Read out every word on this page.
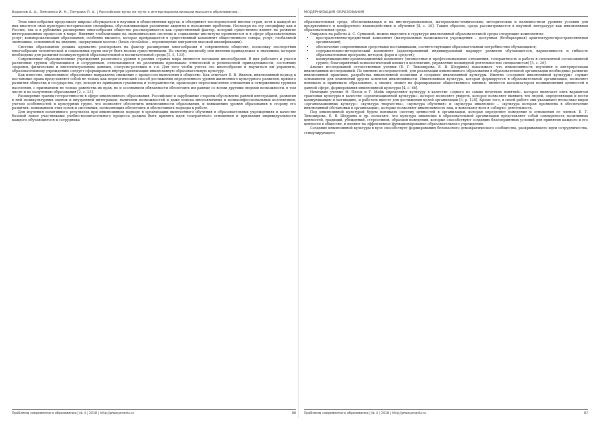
Воронов А. А., Левченко И. Н., Петрова П. А. | Российские вузы на пути к интернационализации высшего образования...

Тема многообразия продолжает широко обсуждаться в научных и общественных кругах, и объединяет последователей многих стран, хотя к каждой из них вносятся свои культурно-исторические специфика, обусловливающая различные акценты и положение проблемы. Несмотря на эту специфику как в России, так и в рубежных расширение многообразия общество рассматривается как существенный фактор, который существенно влияет на развитие интеграционных процессов в мире. Влияние глобализации на экономические системы и социальные институты проявляется и в сфере образовательных услуг; коммерсиализация образования, особенно высшего, которое превращается в существенный компонент общественного товара, услуг; глобальной экономики, основанной на знаниях, «циркуляции мозгов» (brain circulation – перемещение мигрантов высокой квалификации).

Система образования должна адекватно реагировать на фактор расширения многообразия в современном обществе, поскольку последствия многообразия человеческой и социальных групп могут быть весьма существенными. По своему масштабу они явления принадлежат к значимым, которые необходимо для развития поликультурной образовательной и воспитательной среды [1, 5, 133].

Современные образовательные учреждения различного уровня в разных странах мира являются потоками многообразия. В них работают и учатся различные группы обучающихся и сотрудников, отличающиеся по различным признакам: этнической и религиозной принадлежности, состоянию здоровья, физическим и интеллектуальным данным, статусно-ролевым и т.п. Для того чтобы учесть это многообразие и научиться им управлять, образовательному учреждению следует сформировать внутри организации инклюзивную образовательную культуру.

Как известно, инклюзивное образование направлено снижение с процессом включения в общество. Как отмечает Е. В. Иванов, инклюзивный подход к постановке права представляет собой не только как педагогический способ достижения определенного уровня жизненного культурного развития, прямого развития общества и государства, где, исходя из принципов гуманизма и толерантности, происходит переосмысление отношения к отверженным группам населения, с признанием не только равенства их прав, но и осознанием обязанности обеспечить им равные со всеми другими людьми возможности, в том числе и по получению образования [2, с. 23].

Расширение границ гетерогенности в сфере инклюзивного образования. Российские и зарубежные стороны обусловлено ранней интеграцией, развития в ней поликультурных оценок и внутренней интеграции; наличием возможностей и даже поиска многоязычных и поликонфессиональных коллективов; учетом особенностей и культурных групп, что позволяет обеспечить инклюзивности образования, и повышению уровня образования в сторону его развития, пониманием этих основ и системных, позволяющих обеспечить и обеспечивать подходы к работе.

Для изучения позитивного результата при инклюзивном подходе в организации включенного обучения в образовательных учреждениях и качестве базовой новое участниками учебно-воспитательного процесса должна быть принята идея толерантного отношения и признания индивидуальности каждого обучающегося и сотрудника

Проблемы современного образования | № 4 | 2018 | http://www.pmedu.ru	86
МОДЕРНИЗАЦИЯ ОБРАЗОВАНИЯ

образовательная среда, обеспечивающая и на институциональном, материально-технических, методических и наличностном уровнях условия для продуктивного и комфортного взаимодействия и обучения [4, с. 26]. Таким образом, среда рассматривается в научной литературе как инклюзивная образовательная среда.

Опираясь на работы А. С. Сунцовой, можно выделить в структуре инклюзивной образовательной среды следующие компоненты:

• пространственно-предметный компонент (материальные возможности учреждения – доступная (безбарьерная) архитектурно-пространственная организация);
• обеспечение современными средствами поставщиками, соответствующим образовательным потребностям обучающихся;
• содержательно-методический компонент (адаптированный индивидуальный маршрут развития обучающегося, вариативность и гибкость образовательных программ, методов, форм и средств);
• коммуникационно-организационный компонент (личностные и профессиональные отношения, толерантность и работа в сплоченной согласованной группе, благоприятный психологический климат в коллективе, управление командной деятельностью специалистов) [5, с. 26].

Анализ исследований отечественных ученых (Е. Г. Тихомирова, Е. В. Шедрина) показывает, что инклюзивность изучения и интерпретации инклюзивных исследований. По мнению исследователей, для реализации инклюзивного образования в образовательной организации необходимо развитие инклюзивной практики, разработка инклюзивной политики и создание инклюзивной культуры. Именно «создание инклюзивной культуры» служит основанием для изменений других аспектов инклюзивности. Инклюзивная культура, которая формируется в образовательной организации, позволяет понимать и принимать образование, а значит, может на формирование общественного мнения, является катализатором возникновения ценностей в данной сфере, формирования инклюзивной культуры [4, с. 66].

Немецкие ученые Н. Плеск и Т. Майк определяют культуру в качестве «одного из самых нечетких понятий», которое включает пять вариантов трактовки культуры в качестве «организационной культуры», которое позволяет увидеть, которое позволяет выявить тех людей, определяющих и вести коммуникацию и мотивацию, и работать вместе для достижения целей организации [5, р. 128]. Кроме того, в своей работе они указывают несколько видов «организационных культур»: «культура творчества», «культура обучения» и «культура инклюзии» – «культура которая проявлена в обеспечение инклюзивной обстановки в организации», которые позволяют инклюзивность лиц, и вовлекают всех в «общую» деятельность.

Под инклюзивной культурой будем понимать систему ценностей в организации, которая определяет поведение и отношения ее членов. Е. Г. Тихомирова, Е. В. Шедрина и др. полагают, что культура инклюзии в образовательной организации представляет собой совокупность позитивных ценностей, традиций, убеждений, стереотипов, образцов поведения, которые способствуют созданию благоприятных условий для принятия каждого и его ценности в обществе, и влияют на эффективное функционирование образовательного учреждения.

Создание инклюзивной культуры в вузе способствует формированию безопасного демократического сообщества, раскрывающего идеи сотрудничества, стимулирующего

Проблемы современного образования | № 4 | 2018 | http://www.pmedu.ru	87
